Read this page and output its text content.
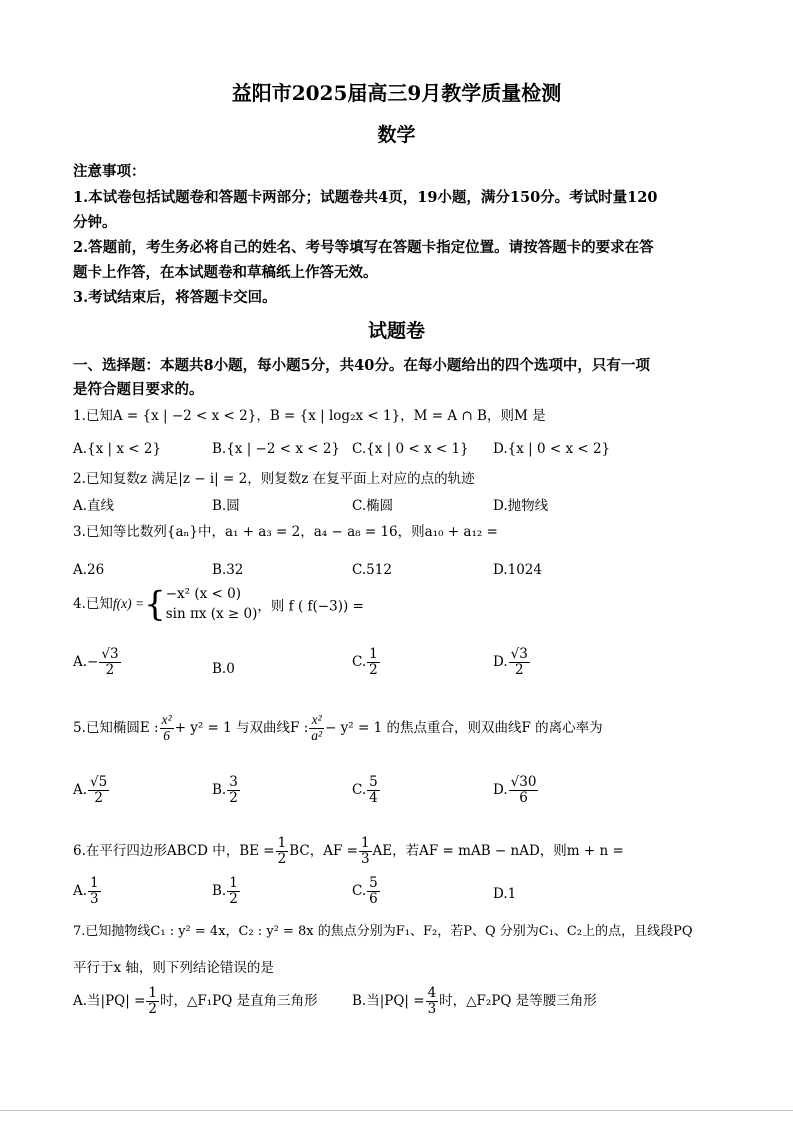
益阳市2025届高三9月教学质量检测
数学
注意事项：
1.本试卷包括试题卷和答题卡两部分；试题卷共4页，19小题，满分150分。考试时量120
分钟。
2.答题前，考生务必将自己的姓名、考号等填写在答题卡指定位置。请按答题卡的要求在答
题卡上作答，在本试题卷和草稿纸上作答无效。
3.考试结束后，将答题卡交回。
试题卷
一、选择题：本题共8小题，每小题5分，共40分。在每小题给出的四个选项中，只有一项
是符合题目要求的。
1.已知A = {x | −2 < x < 2}，B = {x | log₂x < 1}，M = A ∩ B，则M 是
A.{x | x < 2}	B.{x | −2 < x < 2} C.{x | 0 < x < 1} D.{x | 0 < x < 2}
2.已知复数z 满足|z − i| = 2，则复数z 在复平面上对应的点的轨迹
A.直线	B.圆	C.椭圆	D.抛物线
3.已知等比数列{aₙ}中，a₁ + a₃ = 2，a₄ − a₈ = 16，则a₁₀ + a₁₂ =
A.26	B.32	C.512	D.1024
4.已知f(x) ={ −x² (x < 0)
sin πx (x ≥ 0) ，则 f ( f(−3)) =
$A.- \frac{√3}{2}$	B.0	C. $\frac{1}{2}$	D. $\frac{√3}{2}$
5.已知椭圆E : $\frac{\text{x²}}{6} + y^2 = 1$ 与双曲线F : $\frac{\text{x²}}{\text{a²}} - y^2 = 1$ 的焦点重合，则双曲线F 的离心率为
A. $\frac{√5}{2}$	B. $\frac{3}{2}$	C. $\frac{5}{4}$	D. $\frac{√30}{6}$
6.在平行四边形ABCD 中，BE = $\frac{1}{2}$ BC，AF = $\frac{1}{3}$ AE，若AF = mAB − nAD，则m + n =
A. $\frac{1}{3}$	B. $\frac{1}{2}$	C. $\frac{5}{6}$	D.1
7.已知抛物线C₁ : y² = 4x，C₂ : y² = 8x 的焦点分别为F₁、F₂，若P、Q 分别为C₁、C₂上的点，且线段PQ
平行于x 轴，则下列结论错误的是
A.当$|PQ| = \frac{1}{2}$ 时，△F₁PQ 是直角三角形	B.当$|PQ| = \frac{4}{3}$ 时，△F₂PQ 是等腰三角形
